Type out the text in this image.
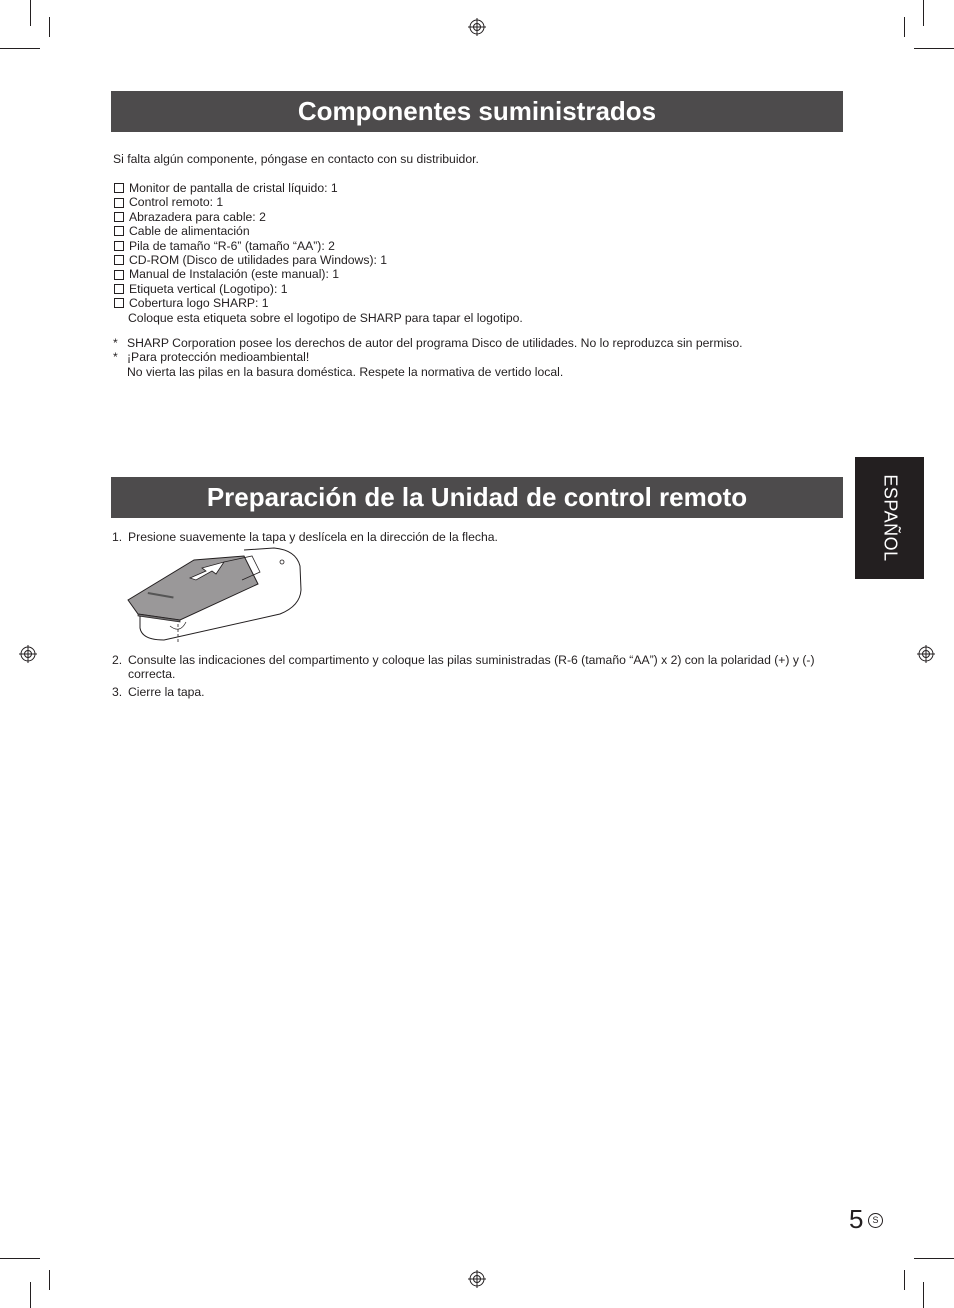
Componentes suministrados
Si falta algún componente, póngase en contacto con su distribuidor.
Monitor de pantalla de cristal líquido: 1
Control remoto: 1
Abrazadera para cable: 2
Cable de alimentación
Pila de tamaño “R-6” (tamaño “AA”): 2
CD-ROM (Disco de utilidades para Windows): 1
Manual de Instalación (este manual): 1
Etiqueta vertical (Logotipo): 1
Cobertura logo SHARP: 1
Coloque esta etiqueta sobre el logotipo de SHARP para tapar el logotipo.
* SHARP Corporation posee los derechos de autor del programa Disco de utilidades. No lo reproduzca sin permiso.
* ¡Para protección medioambiental!
No vierta las pilas en la basura doméstica. Respete la normativa de vertido local.
Preparación de la Unidad de control remoto
1. Presione suavemente la tapa y deslícela en la dirección de la flecha.
2. Consulte las indicaciones del compartimento y coloque las pilas suministradas (R-6 (tamaño “AA”) x 2) con la polaridad (+) y (-)
correcta.
3. Cierre la tapa.
ESPAÑOL
5	S
